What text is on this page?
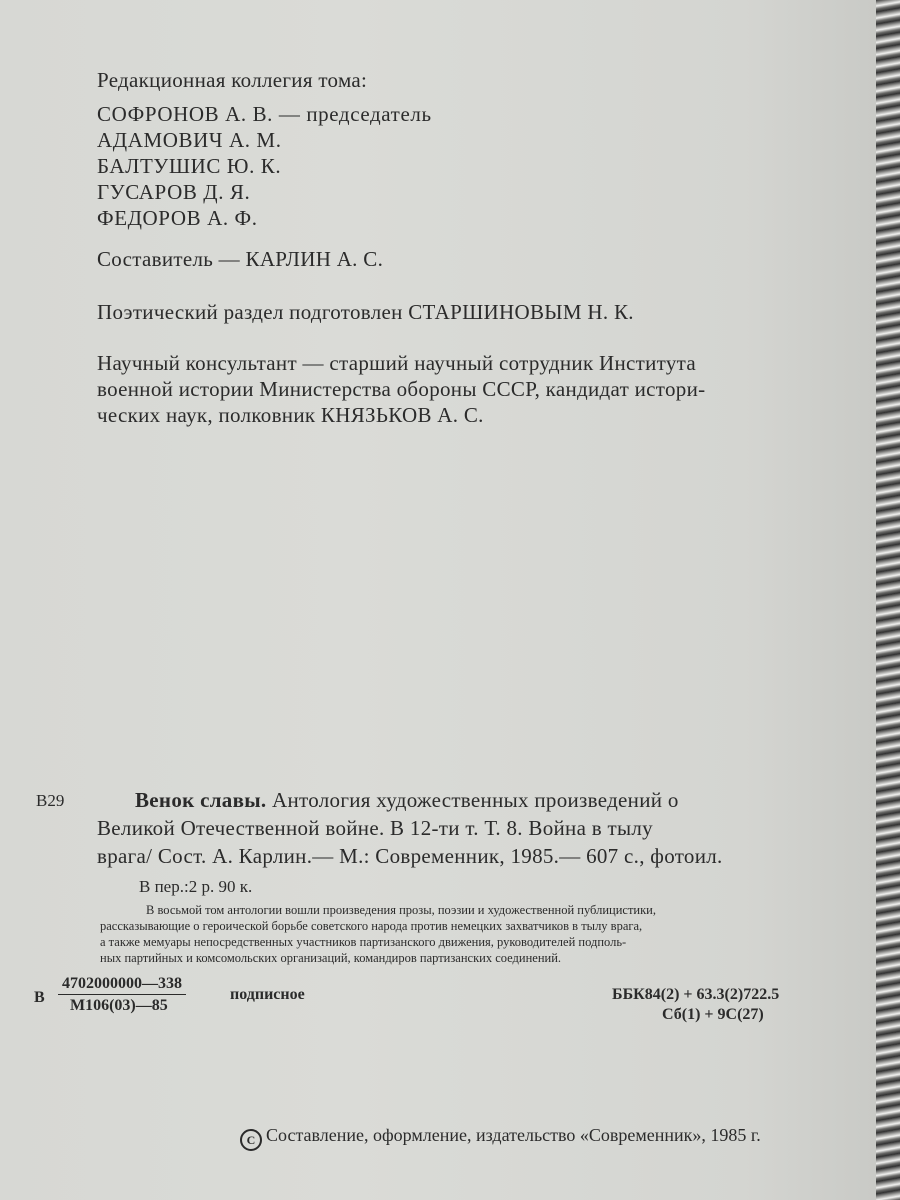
Редакционная коллегия тома:
СОФРОНОВ А. В. — председатель
АДАМОВИЧ А. М.
БАЛТУШИС Ю. К.
ГУСАРОВ Д. Я.
ФЕДОРОВ А. Ф.
Составитель — КАРЛИН А. С.
Поэтический раздел подготовлен СТАРШИНОВЫМ Н. К.
Научный консультант — старший научный сотрудник Института
военной истории Министерства обороны СССР, кандидат истори-
ческих наук, полковник КНЯЗЬКОВ А. С.
В29	Венок славы. Антология художественных произведений о
Великой Отечественной войне. В 12-ти т. Т. 8. Война в тылу
врага/ Сост. А. Карлин.— М.: Современник, 1985.— 607 с., фотоил.
В пер.:2 р. 90 к.
В восьмой том антологии вошли произведения прозы, поэзии и художественной публицистики,
рассказывающие о героической борьбе советского народа против немецких захватчиков в тылу врага,
а также мемуары непосредственных участников партизанского движения, руководителей подполь-
ных партийных и комсомольских организаций, командиров партизанских соединений.
В
4702000000—338
М106(03)—85
подписное	ББК84(2) + 63.3(2)722.5
Сб(1) + 9С(27)
С Составление, оформление, издательство «Современник», 1985 г.
